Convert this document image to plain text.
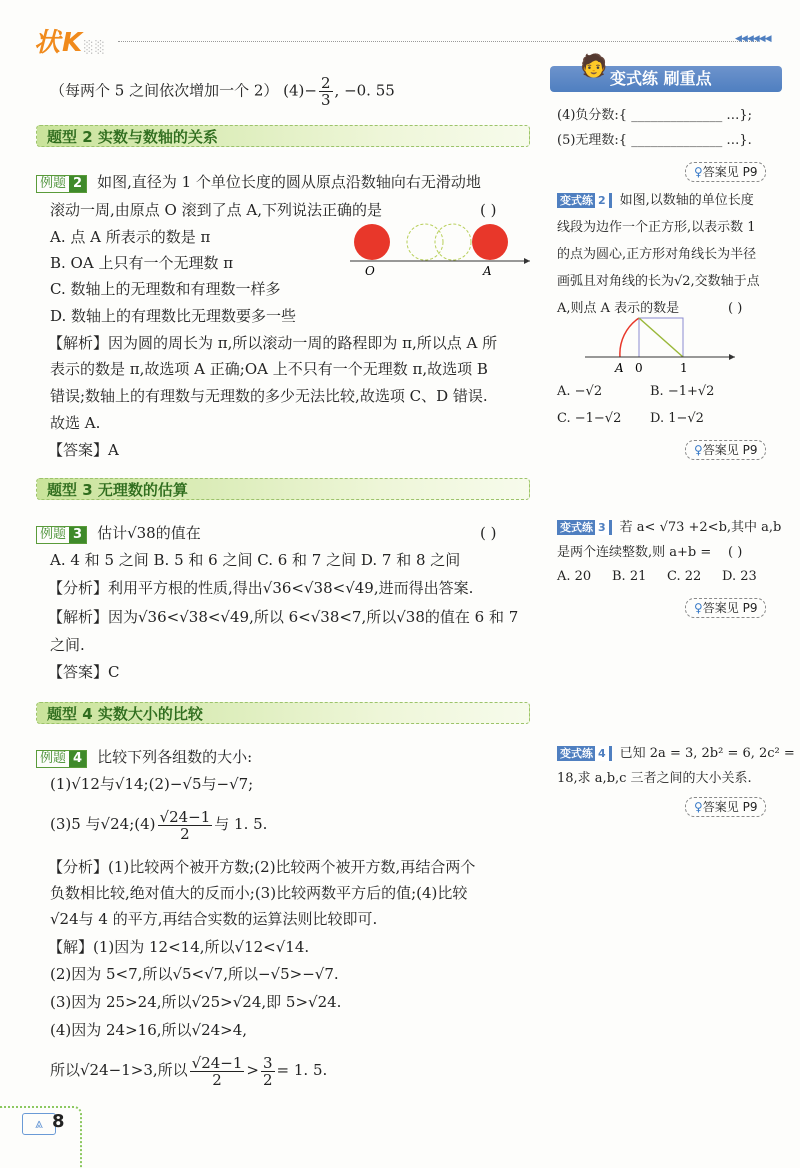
状K░░
◀◀◀◀◀◀
（每两个 5 之间依次增加一个 2） $(4)- \frac{2}{3}$ , −0. 55
题型 2 实数与数轴的关系
例题 2 如图,直径为 1 个单位长度的圆从原点沿数轴向右无滑动地
滚动一周,由原点 O 滚到了点 A,下列说法正确的是	( )
A. 点 A 所表示的数是 π
B. OA 上只有一个无理数 π
C. 数轴上的无理数和有理数一样多
D. 数轴上的有理数比无理数要多一些
O	A
【解析】因为圆的周长为 π,所以滚动一周的路程即为 π,所以点 A 所
表示的数是 π,故选项 A 正确;OA 上不只有一个无理数 π,故选项 B
错误;数轴上的有理数与无理数的多少无法比较,故选项 C、D 错误.
故选 A.
【答案】A
题型 3 无理数的估算
例题 3 估计√38的值在	( )
A. 4 和 5 之间 B. 5 和 6 之间 C. 6 和 7 之间 D. 7 和 8 之间
【分析】利用平方根的性质,得出√36<√38<√49,进而得出答案.
【解析】因为√36<√38<√49,所以 6<√38<7,所以√38的值在 6 和 7
之间.
【答案】C
题型 4 实数大小的比较
例题 4 比较下列各组数的大小:
(1)√12与√14;(2)−√5与−√7;
(3)5 与√24;(4) $\frac{√24-1}{2}$ 与 1. 5.
【分析】(1)比较两个被开方数;(2)比较两个被开方数,再结合两个
负数相比较,绝对值大的反而小;(3)比较两数平方后的值;(4)比较
√24与 4 的平方,再结合实数的运算法则比较即可.
【解】(1)因为 12<14,所以√12<√14.
(2)因为 5<7,所以√5<√7,所以−√5>−√7.
(3)因为 25>24,所以√25>√24,即 5>√24.
(4)因为 24>16,所以√24>4,
所以√24−1>3,所以 $\frac{√24-1}{2} > \frac{3}{2} = 1$. 5.
🧑 变式练 刷重点
(4)负分数:{ ______________ …};
(5)无理数:{ ______________ …}.
♀答案见 P9
变式练 2 如图,以数轴的单位长度
线段为边作一个正方形,以表示数 1
的点为圆心,正方形对角线长为半径
画弧且对角线的长为√2,交数轴于点
A,则点 A 表示的数是	( )
A 0	1
A. −√2	B. −1+√2
C. −1−√2 D. 1−√2
♀答案见 P9
变式练 3 若 a< √73 +2<b,其中 a,b
是两个连续整数,则 a+b = ( )
A. 20 B. 21 C. 22 D. 23
♀答案见 P9
变式练 4 已知 2a = 3, 2b² = 6, 2c² =
18,求 a,b,c 三者之间的大小关系.
♀答案见 P9
⩓ 8
